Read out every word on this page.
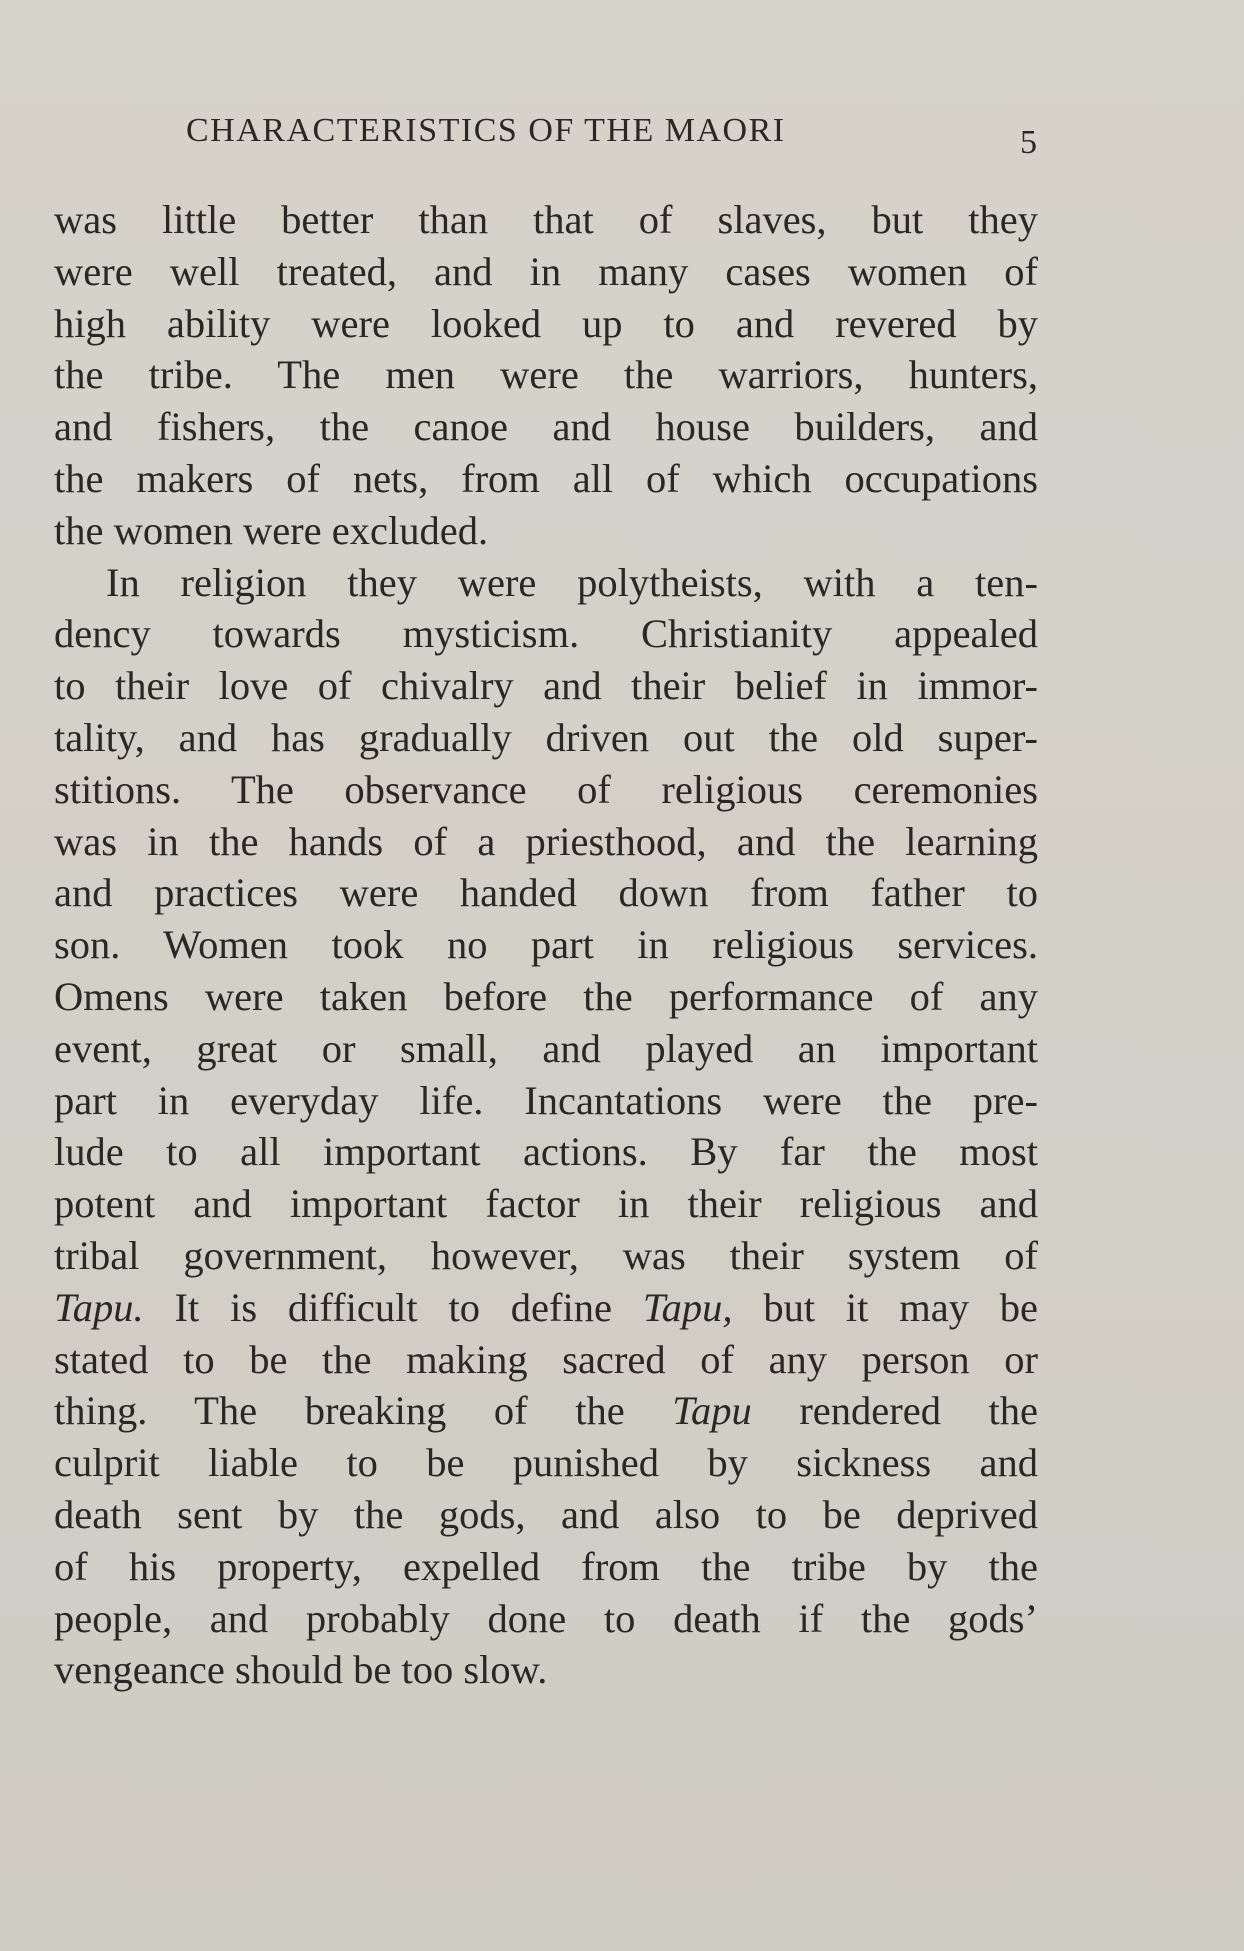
CHARACTERISTICS OF THE MAORI	5
was little better than that of slaves, but they
were well treated, and in many cases women of
high ability were looked up to and revered by
the tribe. The men were the warriors, hunters,
and fishers, the canoe and house builders, and
the makers of nets, from all of which occupations
the women were excluded.
In religion they were polytheists, with a ten-
dency towards mysticism. Christianity appealed
to their love of chivalry and their belief in immor-
tality, and has gradually driven out the old super-
stitions. The observance of religious ceremonies
was in the hands of a priesthood, and the learning
and practices were handed down from father to
son. Women took no part in religious services.
Omens were taken before the performance of any
event, great or small, and played an important
part in everyday life. Incantations were the pre-
lude to all important actions. By far the most
potent and important factor in their religious and
tribal government, however, was their system of
Tapu. It is difficult to define Tapu, but it may be
stated to be the making sacred of any person or
thing. The breaking of the Tapu rendered the
culprit liable to be punished by sickness and
death sent by the gods, and also to be deprived
of his property, expelled from the tribe by the
people, and probably done to death if the gods’
vengeance should be too slow.
